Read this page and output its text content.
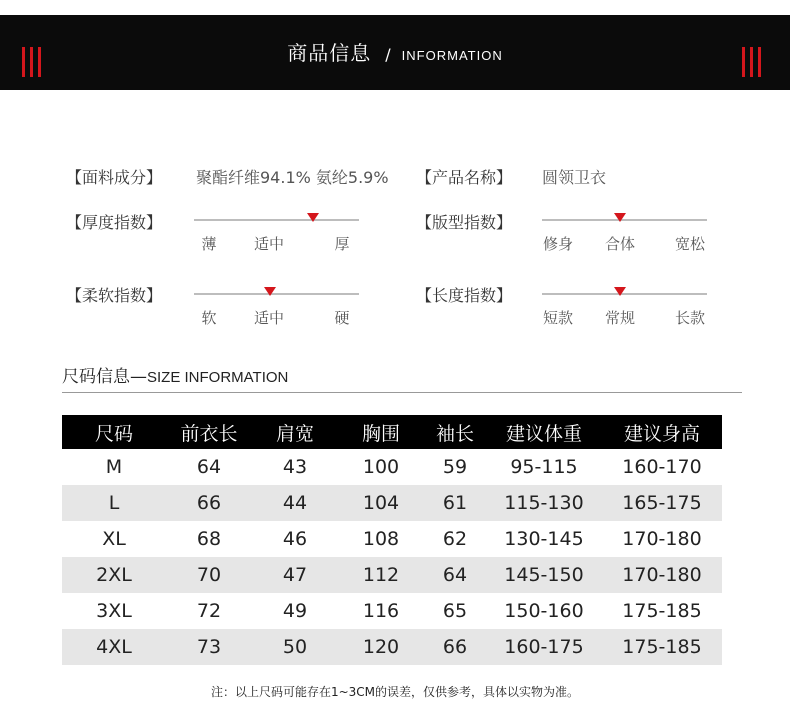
商品信息 / INFORMATION
【面料成分】 聚酯纤维94.1% 氨纶5.9% 【产品名称】 圆领卫衣
【厚度指数】
薄 适中	厚
【版型指数】
修身 合体	宽松
【柔软指数】
软 适中	硬
【长度指数】
短款 常规	长款
尺码信息—SIZE INFORMATION
尺码	前衣长	肩宽	胸围	袖长	建议体重	建议身高
M	64	43	100	59	95-115	160-170
L	66	44	104	61	115-130	165-175
XL	68	46	108	62	130-145	170-180
2XL	70	47	112	64	145-150	170-180
3XL	72	49	116	65	150-160	175-185
4XL	73	50	120	66	160-175	175-185
注：以上尺码可能存在1~3CM的误差，仅供参考，具体以实物为准。
